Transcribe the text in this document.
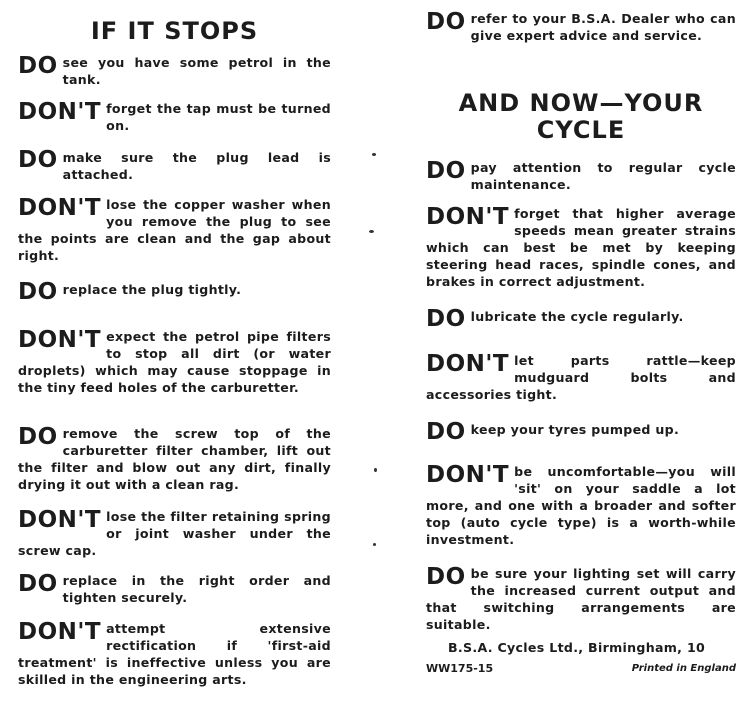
IF IT STOPS
DO see you have some petrol in the tank.
DON'T forget the tap must be turned on.
DO make sure the plug lead is attached.
DON'T lose the copper washer when you remove the plug to see the points are clean and the gap about right.
DO replace the plug tightly.
DON'T expect the petrol pipe filters to stop all dirt (or water droplets) which may cause stoppage in the tiny feed holes of the carburetter.
DO remove the screw top of the carburetter filter chamber, lift out the filter and blow out any dirt, finally drying it out with a clean rag.
DON'T lose the filter retaining spring or joint washer under the screw cap.
DO replace in the right order and tighten securely.
DON'T attempt extensive rectification if 'first-aid treatment' is ineffective unless you are skilled in the engineering arts.
DO refer to your B.S.A. Dealer who can give expert advice and service.
AND NOW—YOUR
CYCLE
DO pay attention to regular cycle maintenance.
DON'T forget that higher average speeds mean greater strains which can best be met by keeping steering head races, spindle cones, and brakes in correct adjustment.
DO lubricate the cycle regularly.
DON'T let parts rattle—keep mudguard bolts and accessories tight.
DO keep your tyres pumped up.
DON'T be uncomfortable—you will 'sit' on your saddle a lot more, and one with a broader and softer top (auto cycle type) is a worth-while investment.
DO be sure your lighting set will carry the increased current output and that switching arrangements are suitable.
B.S.A. Cycles Ltd., Birmingham, 10
WW175-15	Printed in England
